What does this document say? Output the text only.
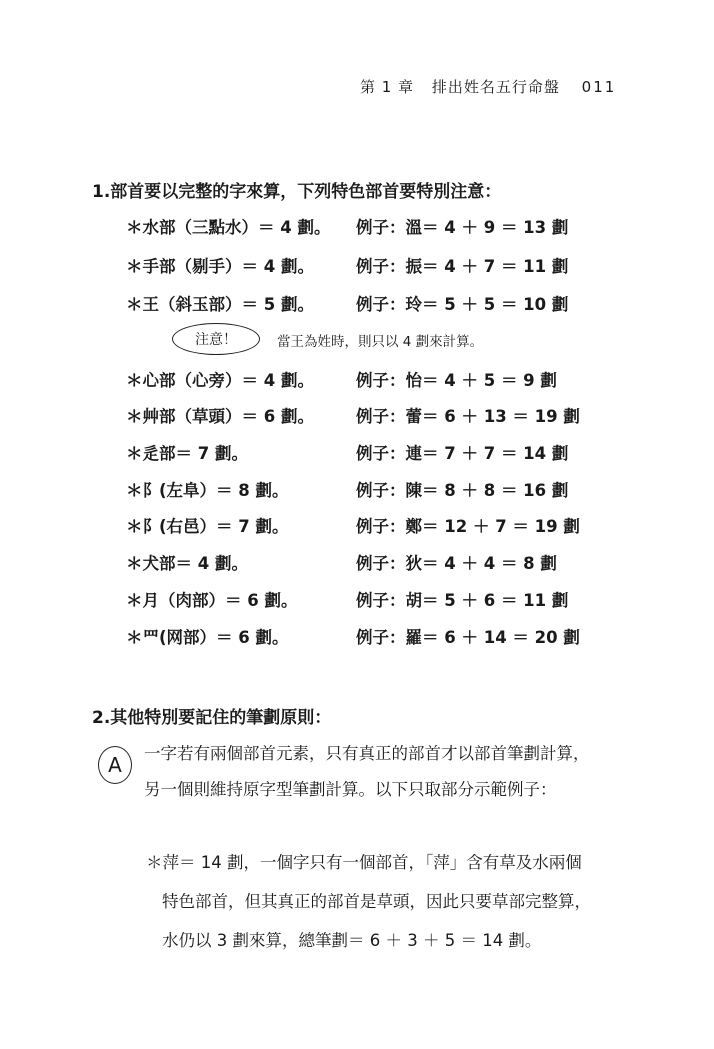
第 1 章 排出姓名五行命盤 011
1.部首要以完整的字來算，下列特色部首要特別注意：
＊水部（三點水）＝ 4 劃。 例子：溫＝ 4 ＋ 9 ＝ 13 劃
＊手部（剔手）＝ 4 劃。	例子：振＝ 4 ＋ 7 ＝ 11 劃
＊王（斜玉部）＝ 5 劃。	例子：玲＝ 5 ＋ 5 ＝ 10 劃
注意！	當王為姓時，則只以 4 劃來計算。
＊心部（心旁）＝ 4 劃。	例子：怡＝ 4 ＋ 5 ＝ 9 劃
＊艸部（草頭）＝ 6 劃。	例子：蕾＝ 6 ＋ 13 ＝ 19 劃
＊辵部＝ 7 劃。	例子：連＝ 7 ＋ 7 ＝ 14 劃
＊阝(左阜）＝ 8 劃。	例子：陳＝ 8 ＋ 8 ＝ 16 劃
＊阝(右邑）＝ 7 劃。	例子：鄭＝ 12 ＋ 7 ＝ 19 劃
＊犬部＝ 4 劃。	例子：狄＝ 4 ＋ 4 ＝ 8 劃
＊月（肉部）＝ 6 劃。	例子：胡＝ 5 ＋ 6 ＝ 11 劃
＊罒(网部）＝ 6 劃。	例子：羅＝ 6 ＋ 14 ＝ 20 劃
2.其他特別要記住的筆劃原則：
A	一字若有兩個部首元素，只有真正的部首才以部首筆劃計算，
另一個則維持原字型筆劃計算。以下只取部分示範例子：
＊萍＝ 14 劃，一個字只有一個部首，「萍」含有草及水兩個
特色部首，但其真正的部首是草頭，因此只要草部完整算，
水仍以 3 劃來算，總筆劃＝ 6 ＋ 3 ＋ 5 ＝ 14 劃。
